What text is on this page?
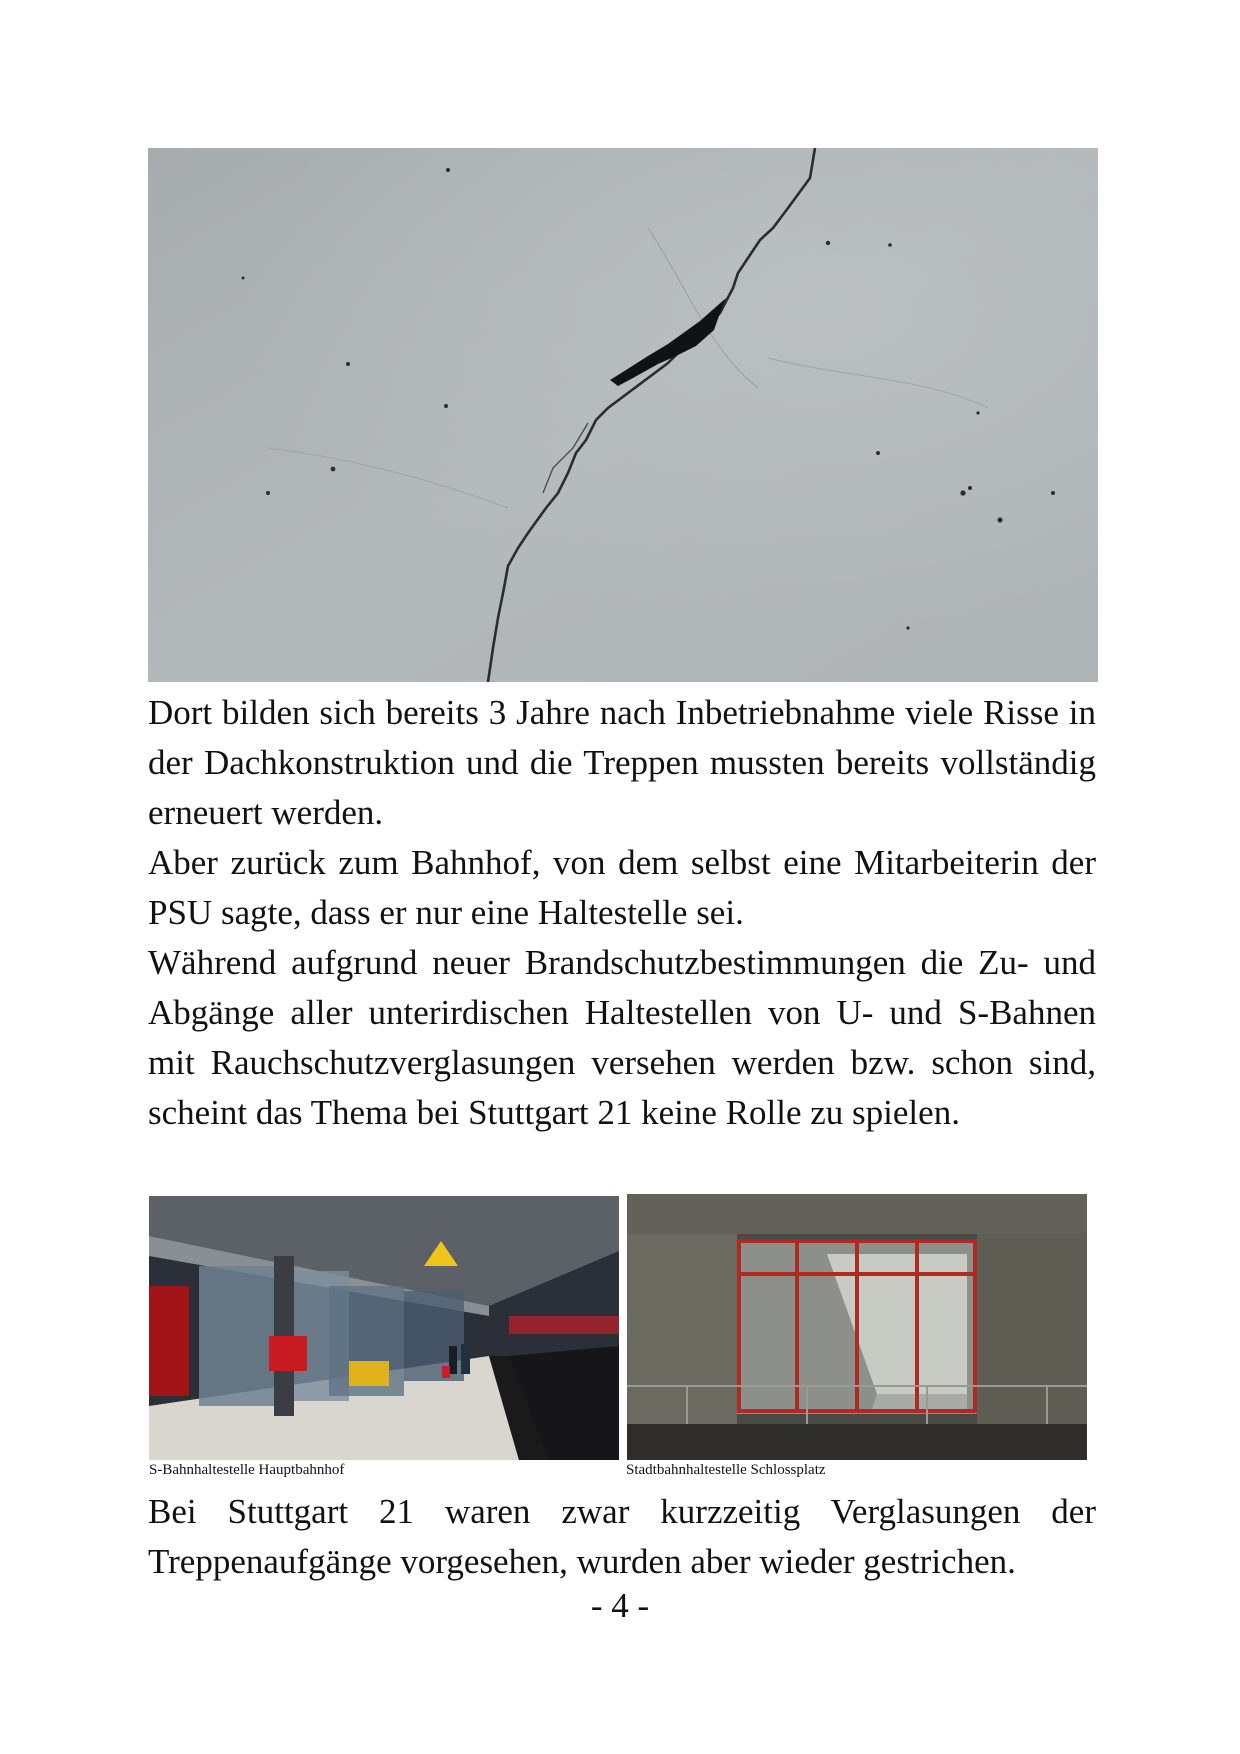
Dort bilden sich bereits 3 Jahre nach Inbetriebnahme viele Risse in der Dachkonstruktion und die Treppen mussten bereits vollständig erneuert werden.

Aber zurück zum Bahnhof, von dem selbst eine Mitarbeiterin der PSU sagte, dass er nur eine Haltestelle sei.

Während aufgrund neuer Brandschutzbestimmungen die Zu- und Abgänge aller unterirdischen Haltestellen von U- und S-Bahnen mit Rauchschutzverglasungen versehen werden bzw. schon sind, scheint das Thema bei Stuttgart 21 keine Rolle zu spielen.

S-Bahnhaltestelle Hauptbahnhof	Stadtbahnhaltestelle Schlossplatz

Bei Stuttgart 21 waren zwar kurzzeitig Verglasungen der Treppenaufgänge vorgesehen, wurden aber wieder gestrichen.

- 4 -
